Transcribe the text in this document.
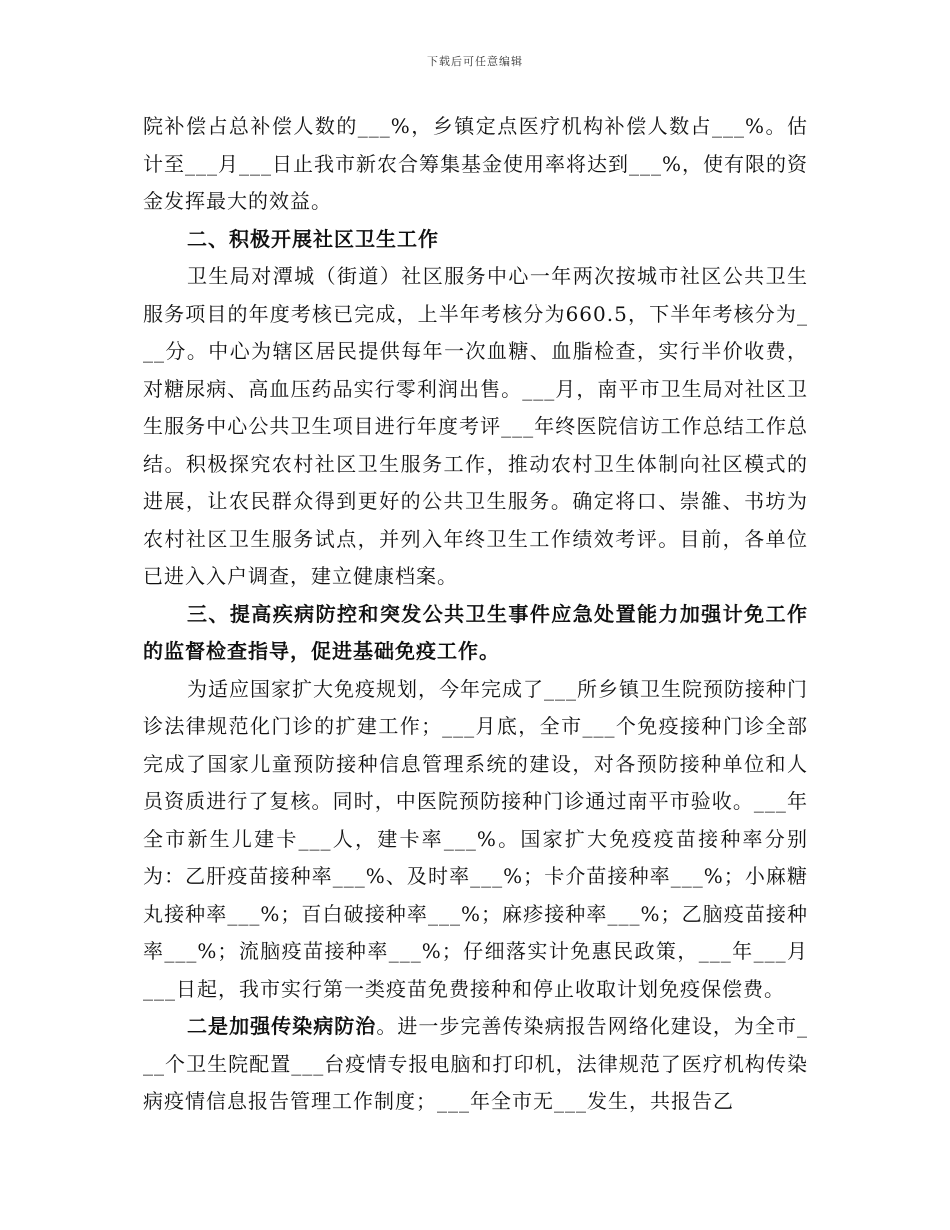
下载后可任意编辑

院补偿占总补偿人数的___%，乡镇定点医疗机构补偿人数占___%。估计至___月___日止我市新农合筹集基金使用率将达到___%，使有限的资金发挥最大的效益。

二、积极开展社区卫生工作

卫生局对潭城（街道）社区服务中心一年两次按城市社区公共卫生服务项目的年度考核已完成，上半年考核分为660.5，下半年考核分为___分。中心为辖区居民提供每年一次血糖、血脂检查，实行半价收费，对糖尿病、高血压药品实行零利润出售。___月，南平市卫生局对社区卫生服务中心公共卫生项目进行年度考评___年终医院信访工作总结工作总结。积极探究农村社区卫生服务工作，推动农村卫生体制向社区模式的进展，让农民群众得到更好的公共卫生服务。确定将口、崇雒、书坊为农村社区卫生服务试点，并列入年终卫生工作绩效考评。目前，各单位已进入入户调查，建立健康档案。

三、提高疾病防控和突发公共卫生事件应急处置能力加强计免工作的监督检查指导，促进基础免疫工作。

为适应国家扩大免疫规划，今年完成了___所乡镇卫生院预防接种门诊法律规范化门诊的扩建工作；___月底，全市___个免疫接种门诊全部完成了国家儿童预防接种信息管理系统的建设，对各预防接种单位和人员资质进行了复核。同时，中医院预防接种门诊通过南平市验收。___年全市新生儿建卡___人，建卡率___%。国家扩大免疫疫苗接种率分别为：乙肝疫苗接种率___%、及时率___%；卡介苗接种率___%；小麻糖丸接种率___%；百白破接种率___%；麻疹接种率___%；乙脑疫苗接种率___%；流脑疫苗接种率___%；仔细落实计免惠民政策，___年___月___日起，我市实行第一类疫苗免费接种和停止收取计划免疫保偿费。

二是加强传染病防治。进一步完善传染病报告网络化建设，为全市___个卫生院配置___台疫情专报电脑和打印机，法律规范了医疗机构传染病疫情信息报告管理工作制度；___年全市无___发生，共报告乙
